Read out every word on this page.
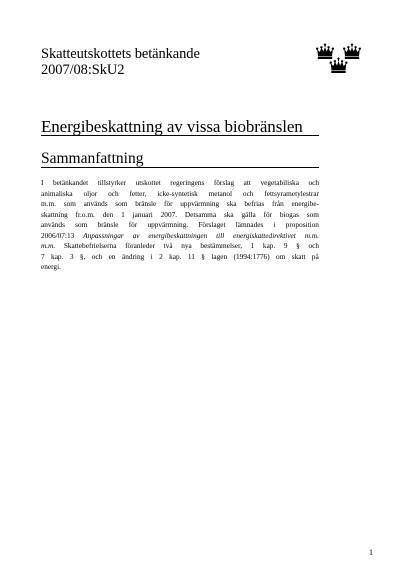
Skatteutskottets betänkande
2007/08:SkU2
Energibeskattning av vissa biobränslen
Sammanfattning
I betänkandet tillstyrker utskottet regeringens förslag att vegetabiliska och
animaliska oljor och fetter, icke-syntetisk metanol och fettsyrametylestrar
m.m. som används som bränsle för uppvärmning ska befrias från energibe-
skattning fr.o.m. den 1 januari 2007. Detsamma ska gälla för biogas som
används som bränsle för uppvärmning. Förslaget lämnades i proposition
2006/07:13 Anpassningar av energibeskattningen till energiskattedirektivet m.m.
m.m. Skattebefrielserna föranleder två nya bestämmelser, 1 kap. 9 § och
7 kap. 3 §, och en ändring i 2 kap. 11 § lagen (1994:1776) om skatt på
energi.
1
